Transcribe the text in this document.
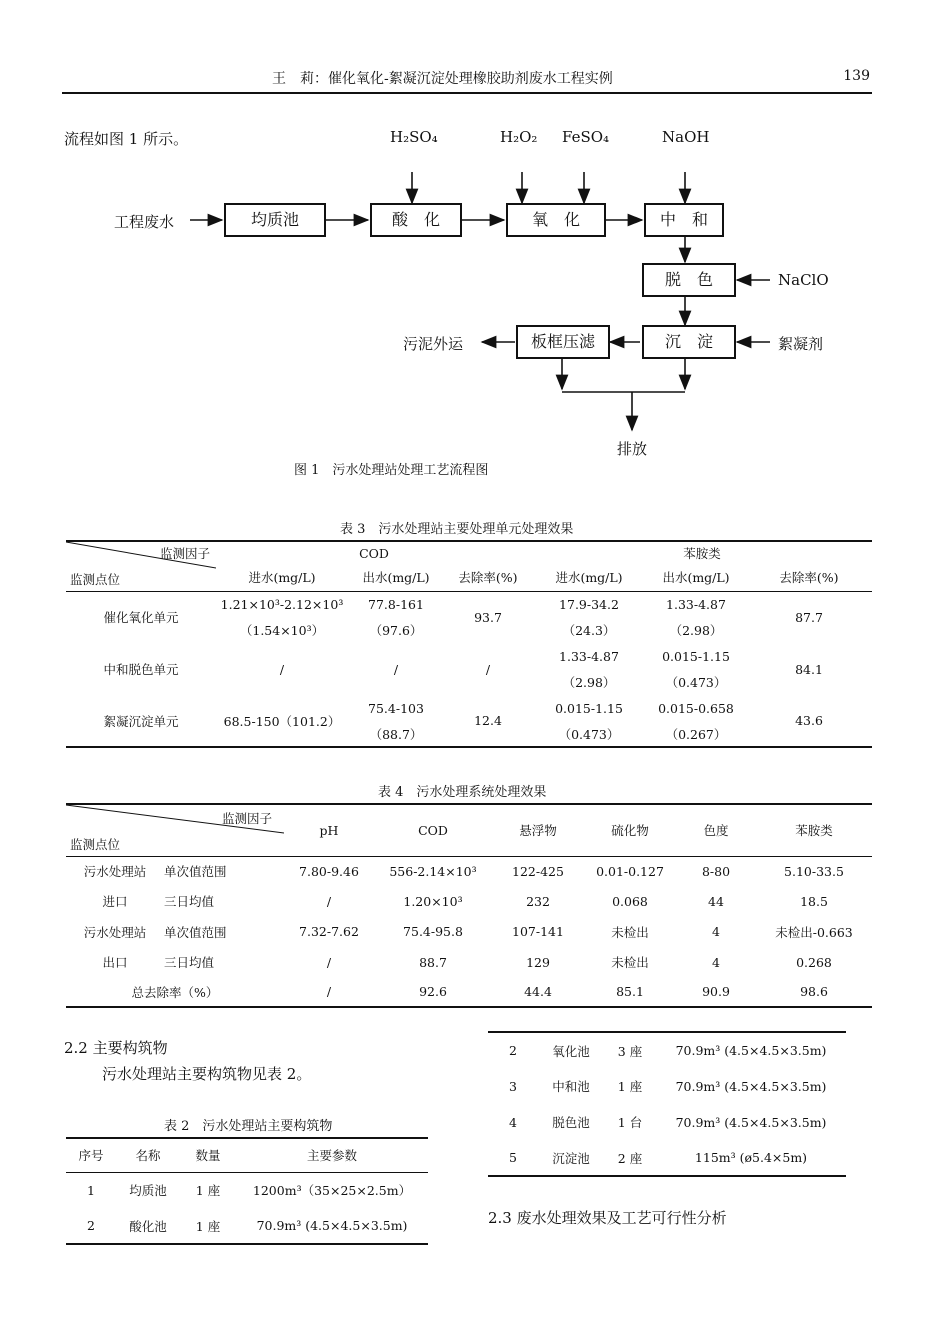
王　莉：催化氧化-絮凝沉淀处理橡胶助剂废水工程实例	139
流程如图 1 所示。	H₂SO₄	H₂O₂ FeSO₄	NaOH
NaClO
絮凝剂
工程废水
污泥外运
排放
均质池	酸　化	氧　化	中　和
脱　色
沉　淀
板框压滤
图 1　污水处理站处理工艺流程图
表 3　污水处理站主要处理单元处理效果
监测因子
监测点位	COD			苯胺类		
	进水(mg/L)	出水(mg/L)	去除率(%)	进水(mg/L)	出水(mg/L)	去除率(%)
催化氧化单元	1.21×10³-2.12×10³	77.8-161	93.7	17.9-34.2	1.33-4.87	87.7
	（1.54×10³）	（97.6）		（24.3）	（2.98）	
中和脱色单元	/	/	/	1.33-4.87	0.015-1.15	84.1
				（2.98）	（0.473）	
絮凝沉淀单元	68.5-150（101.2）	75.4-103	12.4	0.015-1.15	0.015-0.658	43.6
		（88.7）		（0.473）	（0.267）	
表 4　污水处理系统处理效果
监测因子
监测点位		pH	COD	悬浮物	硫化物	色度	苯胺类
污水处理站	单次值范围	7.80-9.46	556-2.14×10³	122-425	0.01-0.127	8-80	5.10-33.5
进口	三日均值	/	1.20×10³	232	0.068	44	18.5
污水处理站	单次值范围	7.32-7.62	75.4-95.8	107-141	未检出	4	未检出-0.663
出口	三日均值	/	88.7	129	未检出	4	0.268
总去除率（%）		/	92.6	44.4	85.1	90.9	98.6
2.2 主要构筑物
污水处理站主要构筑物见表 2。
表 2　污水处理站主要构筑物
序号	名称	数量	主要参数
1	均质池	1 座	1200m³（35×25×2.5m）
2	酸化池	1 座	70.9m³ (4.5×4.5×3.5m)
2	氧化池	3 座	70.9m³ (4.5×4.5×3.5m)
3	中和池	1 座	70.9m³ (4.5×4.5×3.5m)
4	脱色池	1 台	70.9m³ (4.5×4.5×3.5m)
5	沉淀池	2 座	115m³ (ø5.4×5m)
2.3 废水处理效果及工艺可行性分析
